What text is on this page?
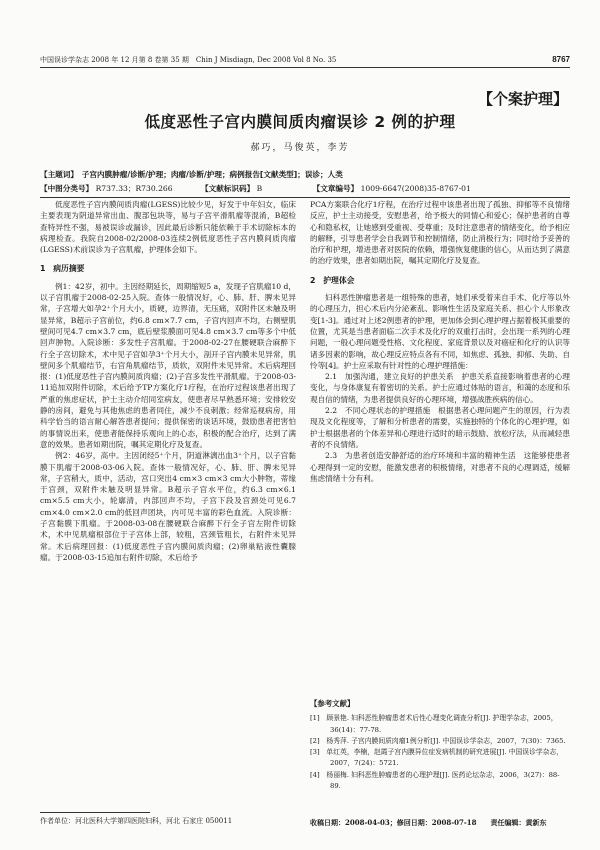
中国误诊学杂志 2008 年 12 月第 8 卷第 35 期　Chin J Misdiagn, Dec 2008 Vol 8 No. 35	8767
【个案护理】
低度恶性子宫内膜间质肉瘤误诊 2 例的护理
郝巧，马俊英，李芳
【主题词】　子宫内膜肿瘤/诊断/护理；肉瘤/诊断/护理；病例报告[文献类型]；误诊；人类
【中图分类号】 R737.33；R730.266	【文献标识码】 B	【文章编号】 1009-6647(2008)35-8767-01

低度恶性子宫内膜间质肉瘤(LGESS)比较少见，好发于中年妇女，临床主要表现为阴道异常出血、腹部包块等，易与子宫平滑肌瘤等混淆，B超检查特异性不强，易被误诊或漏诊，因此最后诊断只能依赖于手术切除标本的病理检查。我院自2008-02/2008-03连续2例低度恶性子宫内膜间质肉瘤(LGESS)术前误诊为子宫肌瘤，护理体会如下。

1　病历摘要

例1：42岁，初中。主因经期延长，周期缩短5 a，发现子宫肌瘤10 d，以子宫肌瘤于2008-02-25入院。查体一般情况好，心、肺、肝、脾未见异常，子宫增大如孕2⁺个月大小，质硬，边界清，无压痛，双附件区未触及明显异常，B超示子宫前位，约6.8 cm×7.7 cm，子宫内回声不均，右侧壁肌壁间可见4.7 cm×3.7 cm，底后壁浆膜面可见4.8 cm×3.7 cm等多个中低回声肿物。入院诊断：多发性子宫肌瘤。于2008-02-27在腰硬联合麻醉下行全子宫切除术，术中见子宫如孕3⁺个月大小，剖开子宫内膜未见异常，肌壁间多个肌瘤结节，右宫角肌瘤结节，质软，双附件未见异常。术后病理回报：(1)低度恶性子宫内膜间质肉瘤；(2)子宫多发性平滑肌瘤。于2008-03-11追加双附件切除，术后给予TP方案化疗1疗程，在治疗过程该患者出现了严重的焦虑症状，护士主动介绍同室病友，使患者尽早熟悉环境；安排较安静的房间，避免与其他焦虑的患者同住，减少不良刺激；经常巡视病房，用科学恰当的语言耐心解答患者提问；提供保密的谈话环境，鼓励患者把害怕的事情说出来，使患者能保持乐观向上的心态，积极的配合治疗，达到了满意的效果。患者如期出院，嘱其定期化疗及复查。

例2：46岁，高中。主因闭经5⁺个月，阴道淋漓出血3⁺个月，以子宫黏膜下肌瘤于2008-03-06入院。查体一般情况好，心、肺、肝、脾未见异常，子宫稍大，质中，活动，宫口突出4 cm×3 cm×3 cm大小肿物，蒂缘于宫颈，双附件未触及明显异常。B超示子宫水平位，约6.3 cm×6.1 cm×5.5 cm大小，轮廓清，内部回声不均，子宫下段及宫颈处可见6.7 cm×4.0 cm×2.0 cm的低回声团块，内可见丰富的彩色血流。入院诊断：子宫黏膜下肌瘤。于2008-03-08在腰硬联合麻醉下行全子宫左附件切除术，术中见肌瘤根部位于子宫体上部，较粗，宫颈管粗长，右附件未见异常。术后病理回报：(1)低度恶性子宫内膜间质肉瘤；(2)卵巢粘液性囊腺瘤。于2008-03-15追加右附件切除，术后给予

PCA方案联合化疗1疗程，在治疗过程中该患者出现了孤独、抑郁等不良情绪反应，护士主动接受，安慰患者，给予极大的同情心和爱心；保护患者的自尊心和隐私权，让她感到受重视、受尊重；及时注意患者的情绪变化，给予相应的解释，引导患者学会自我调节和控制情绪，防止消极行为；同时给予妥善的治疗和护理，增进患者对医院的依赖，增强恢复健康的信心，从而达到了满意的治疗效果，患者如期出院，嘱其定期化疗及复查。

2　护理体会

妇科恶性肿瘤患者是一组特殊的患者，她们承受着来自手术、化疗等以外的心理压力，担心术后内分泌紊乱、影响性生活及家庭关系、担心个人形象改变[1-3]。通过对上述2例患者的护理，更加体会到心理护理占据着极其重要的位置，尤其是当患者面临二次手术及化疗的双重打击时，会出现一系列的心理问题，一般心理问题受性格、文化程度、家庭背景以及对癌症和化疗的认识等诸多因素的影响，故心理反应特点各有不同，如焦虑、孤独、抑郁、失助、自怜等[4]。护士应采取有针对性的心理护理措施：

2.1　加强沟通，建立良好的护患关系　护患关系直接影响着患者的心理变化，与身体康复有着密切的关系。护士应通过体贴的语言，和蔼的态度和乐观自信的情绪，为患者提供良好的心理环境，增强战胜疾病的信心。

2.2　不同心理状态的护理措施　根据患者心理问题产生的原因，行为表现及文化程度等，了解和分析患者的需要，实施独特的个体化的心理护理，如护士根据患者的个体差异和心理进行适时的暗示鼓励、放松疗法，从而减轻患者的不良情绪。

2.3　为患者创造安静舒适的治疗环境和丰富的精神生活　这能够使患者心理得到一定的安慰，能激发患者的积极情绪，对患者不良的心理调适，缓解焦虑情绪十分有利。

【参考文献】
[1]　顾景艳. 妇科恶性肿瘤患者术后性心理变化调查分析[J]. 护理学杂志，2005，36(14)：77-78.
[2]　杨秀萍. 子宫内膜间质肉瘤1例分析[J]. 中国误诊学杂志，2007，7(30)：7365.
[3]　单红英，李楠，赵霞子宫内膜异位症发病机制的研究进展[J]. 中国误诊学杂志，2007，7(24)：5721.
[4]　杨丽梅. 妇科恶性肿瘤患者的心理护理[J]. 医药论坛杂志，2006，3(27)：88-89.
作者单位：河北医科大学第四医院妇科，河北 石家庄 050011	收稿日期：2008-04-03；修回日期：2008-07-18　　责任编辑：黄新东
